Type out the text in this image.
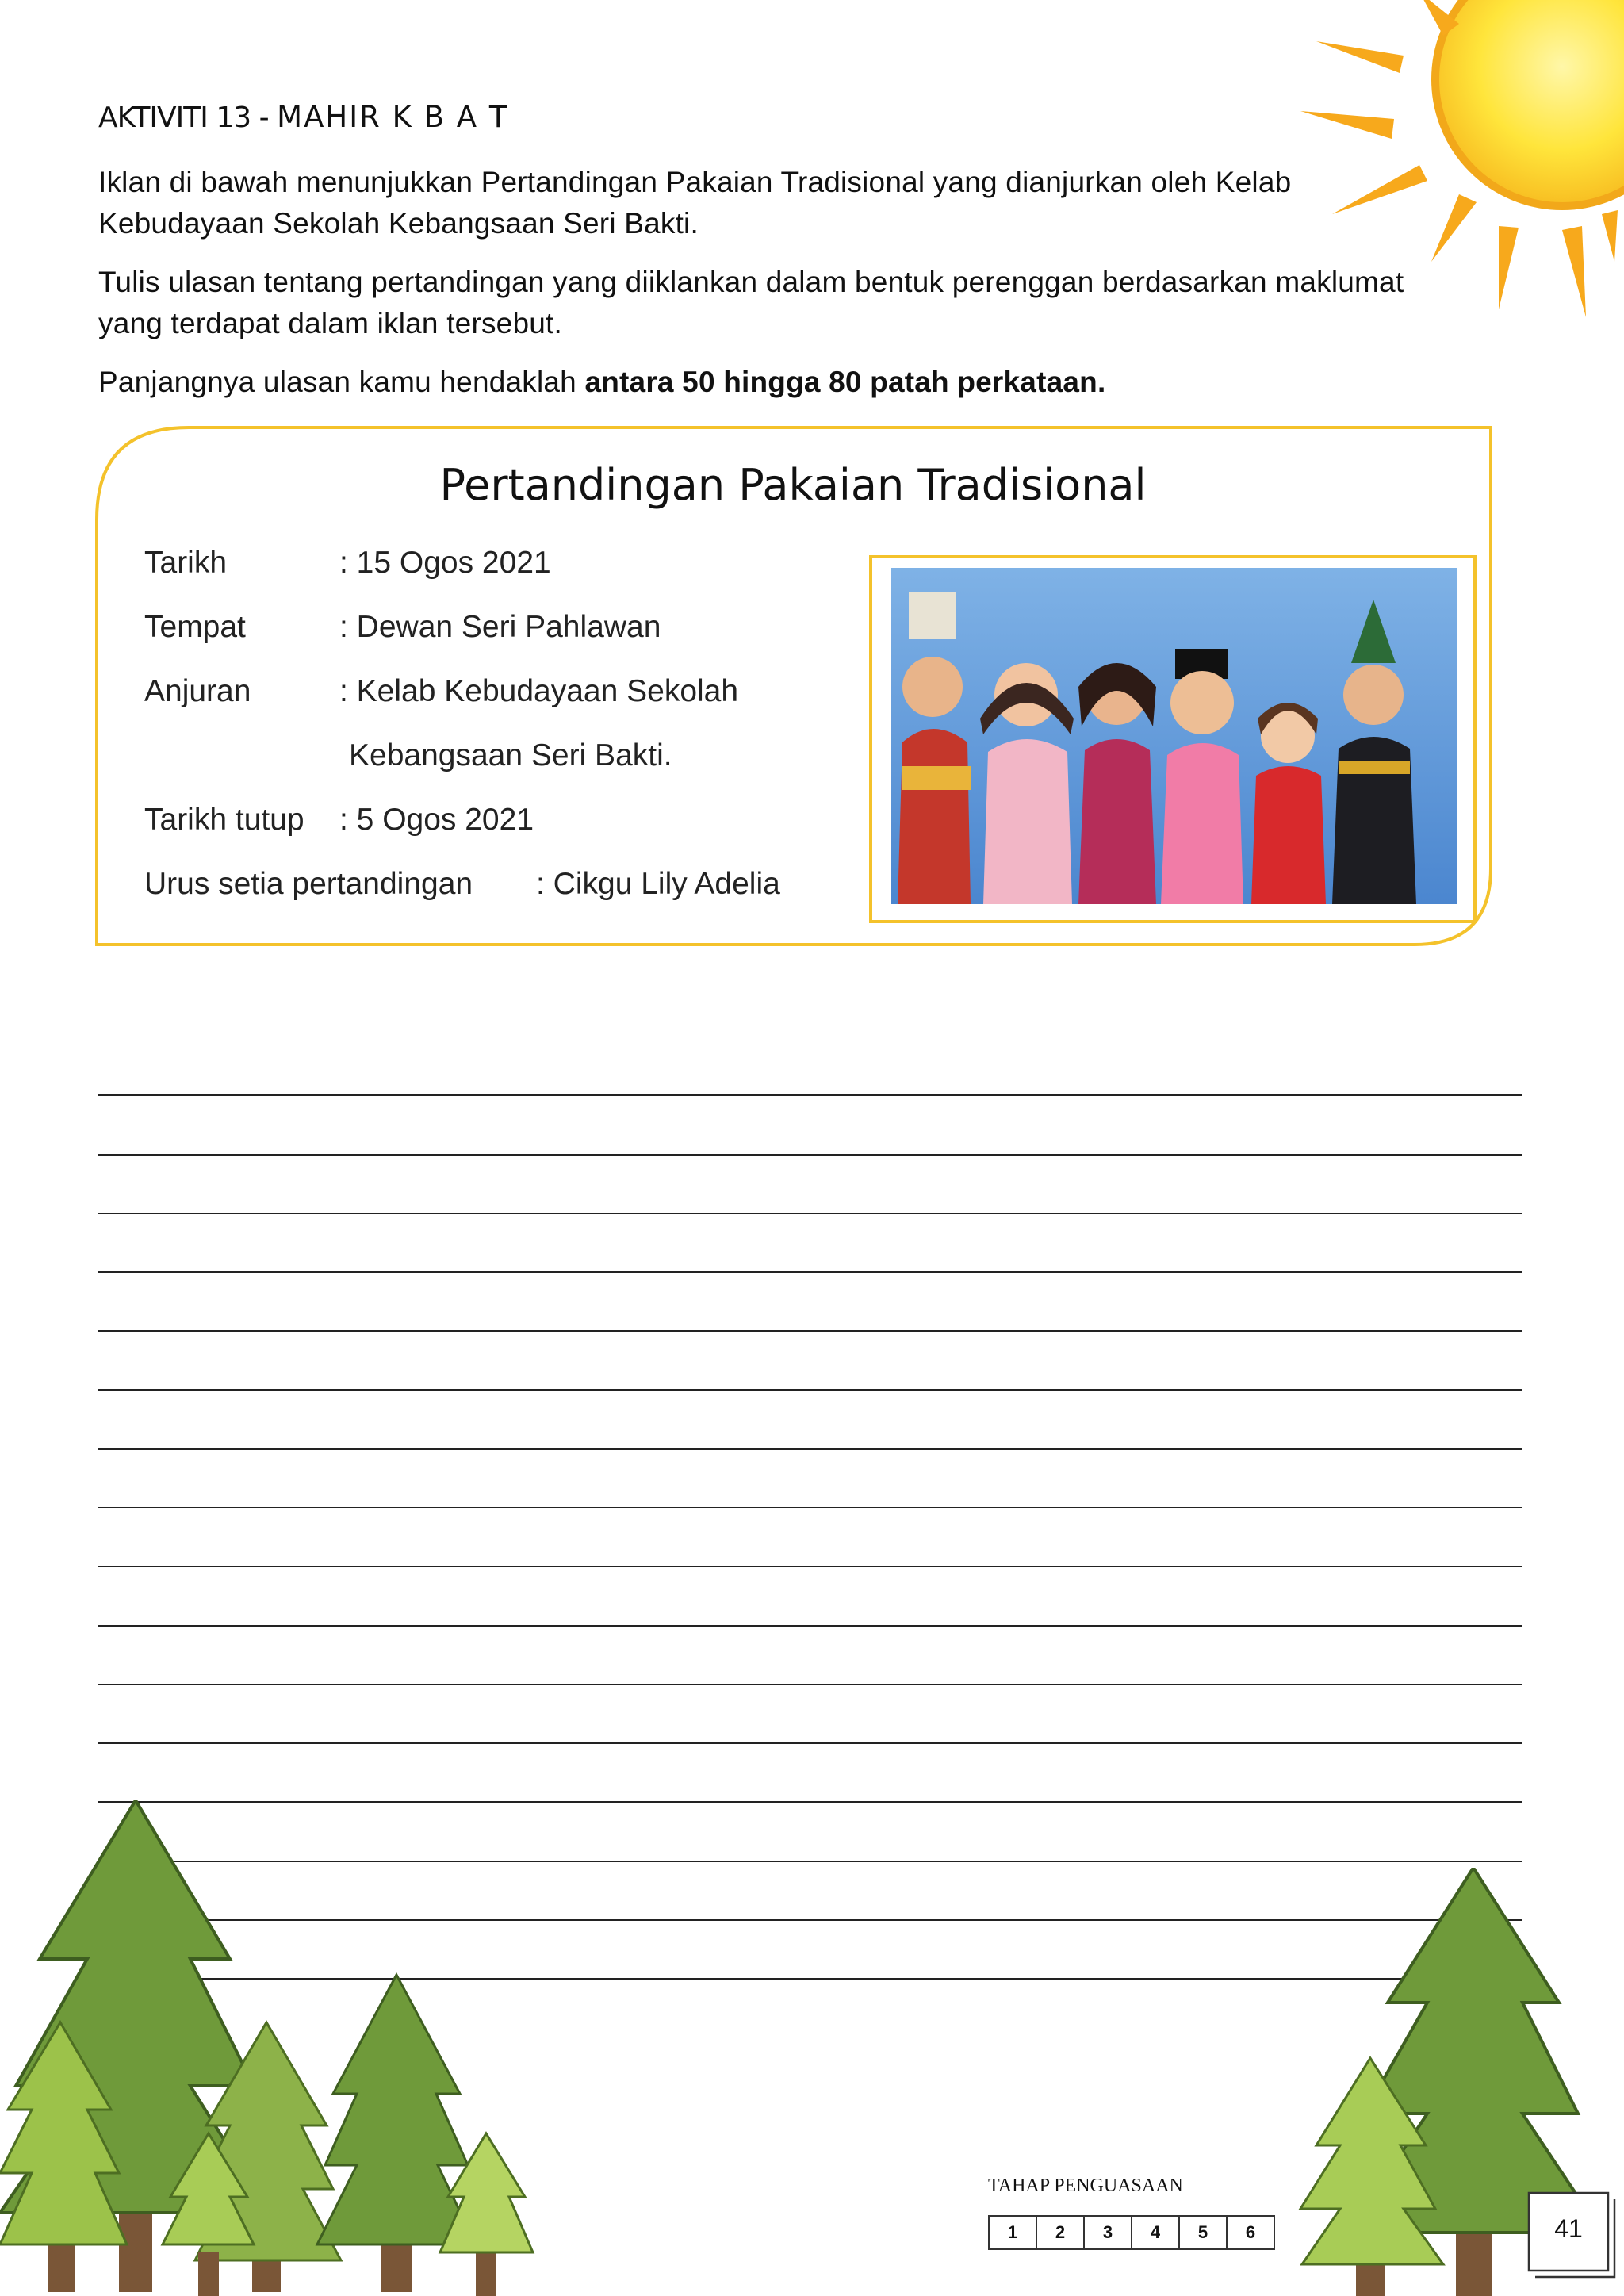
AKTIVITI 13 - MAHIR K B A T
Iklan di bawah menunjukkan Pertandingan Pakaian Tradisional yang dianjurkan oleh Kelab Kebudayaan Sekolah Kebangsaan Seri Bakti.
Tulis ulasan tentang pertandingan yang diiklankan dalam bentuk perenggan berdasarkan maklumat yang terdapat dalam iklan tersebut.
Panjangnya ulasan kamu hendaklah antara 50 hingga 80 patah perkataan.
Pertandingan Pakaian Tradisional
Tarikh	: 15 Ogos 2021
Tempat	: Dewan Seri Pahlawan
Anjuran	: Kelab Kebudayaan Sekolah
Kebangsaan Seri Bakti.
Tarikh tutup : 5 Ogos 2021
Urus setia pertandingan : Cikgu Lily Adelia
TAHAP PENGUASAAN
1	2	3	4	5	6	41
